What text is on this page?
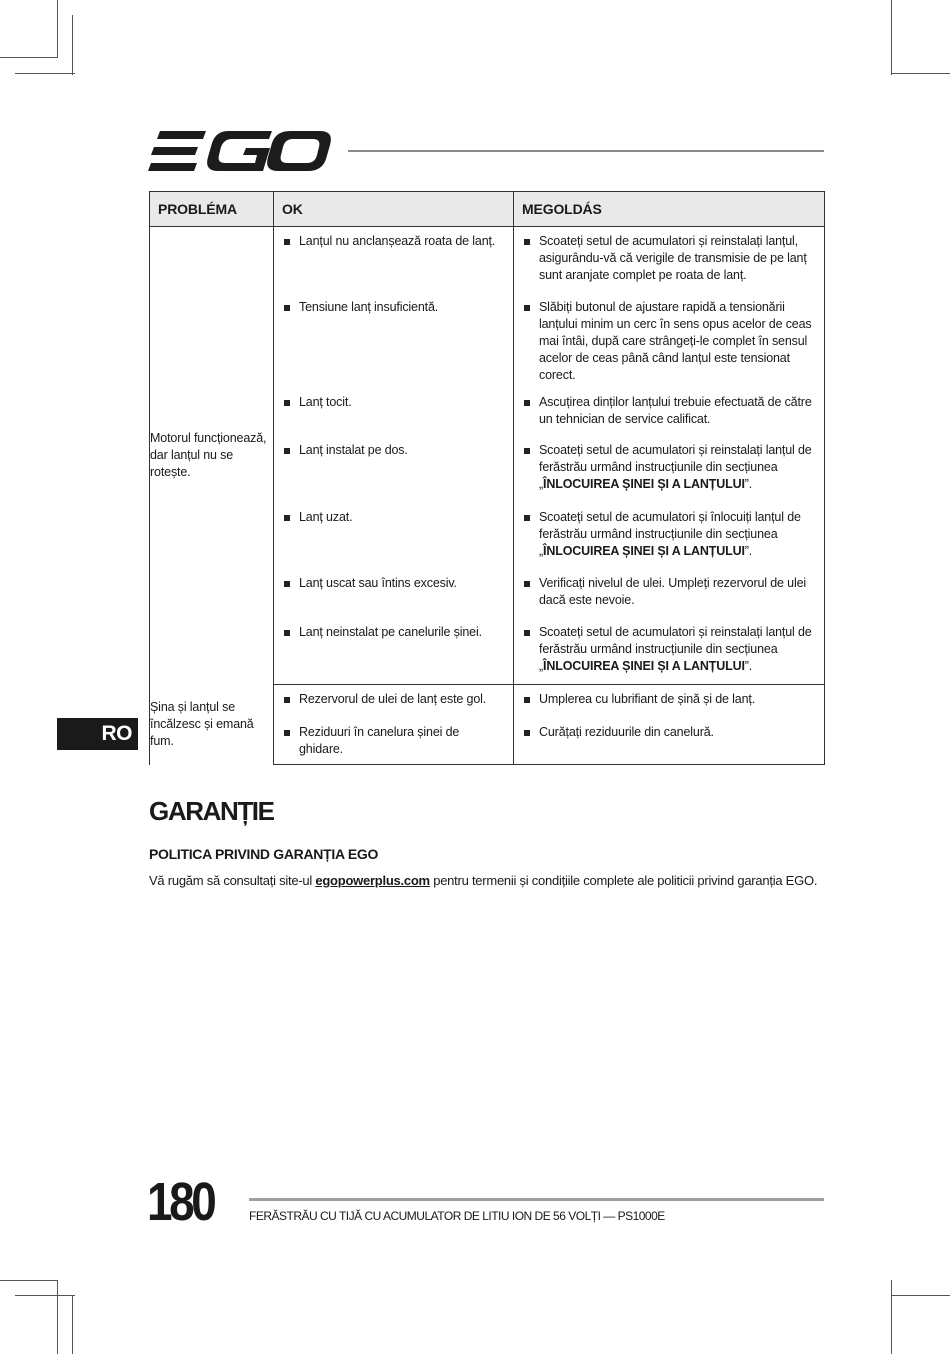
PROBLÉMA	OK	MEGOLDÁS
Motorul funcționează, dar lanțul nu se rotește.	Lanțul nu anclanșează roata de lanț.	Scoateți setul de acumulatori și reinstalați lanțul, asigurându-vă că verigile de transmisie de pe lanț sunt aranjate complet pe roata de lanț.

Tensiune lanț insuficientă.	Slăbiți butonul de ajustare rapidă a tensionării lanțului minim un cerc în sens opus acelor de ceas mai întâi, după care strângeți-le complet în sensul acelor de ceas până când lanțul este tensionat corect.

Lanț tocit.	Ascuțirea dinților lanțului trebuie efectuată de către un tehnician de service calificat.

Lanț instalat pe dos.	Scoateți setul de acumulatori și reinstalați lanțul de ferăstrău urmând instrucțiunile din secțiunea „ÎNLOCUIREA ȘINEI ȘI A LANȚULUI”.

Lanț uzat.	Scoateți setul de acumulatori și înlocuiți lanțul de ferăstrău urmând instrucțiunile din secțiunea „ÎNLOCUIREA ȘINEI ȘI A LANȚULUI”.

Lanț uscat sau întins excesiv.	Verificați nivelul de ulei. Umpleți rezervorul de ulei dacă este nevoie.

Lanț neinstalat pe canelurile șinei.	Scoateți setul de acumulatori și reinstalați lanțul de ferăstrău urmând instrucțiunile din secțiunea „ÎNLOCUIREA ȘINEI ȘI A LANȚULUI”.

Șina și lanțul se încălzesc și emană fum.	Rezervorul de ulei de lanț este gol.	Umplerea cu lubrifiant de șină și de lanț.

Reziduuri în canelura șinei de ghidare.	Curățați reziduurile din canelură.
RO
GARANȚIE
POLITICA PRIVIND GARANȚIA EGO
Vă rugăm să consultați site-ul egopowerplus.com pentru termenii și condițiile complete ale politicii privind garanția EGO.
180	FERĂSTRĂU CU TIJĂ CU ACUMULATOR DE LITIU ION DE 56 VOLȚI — PS1000E
